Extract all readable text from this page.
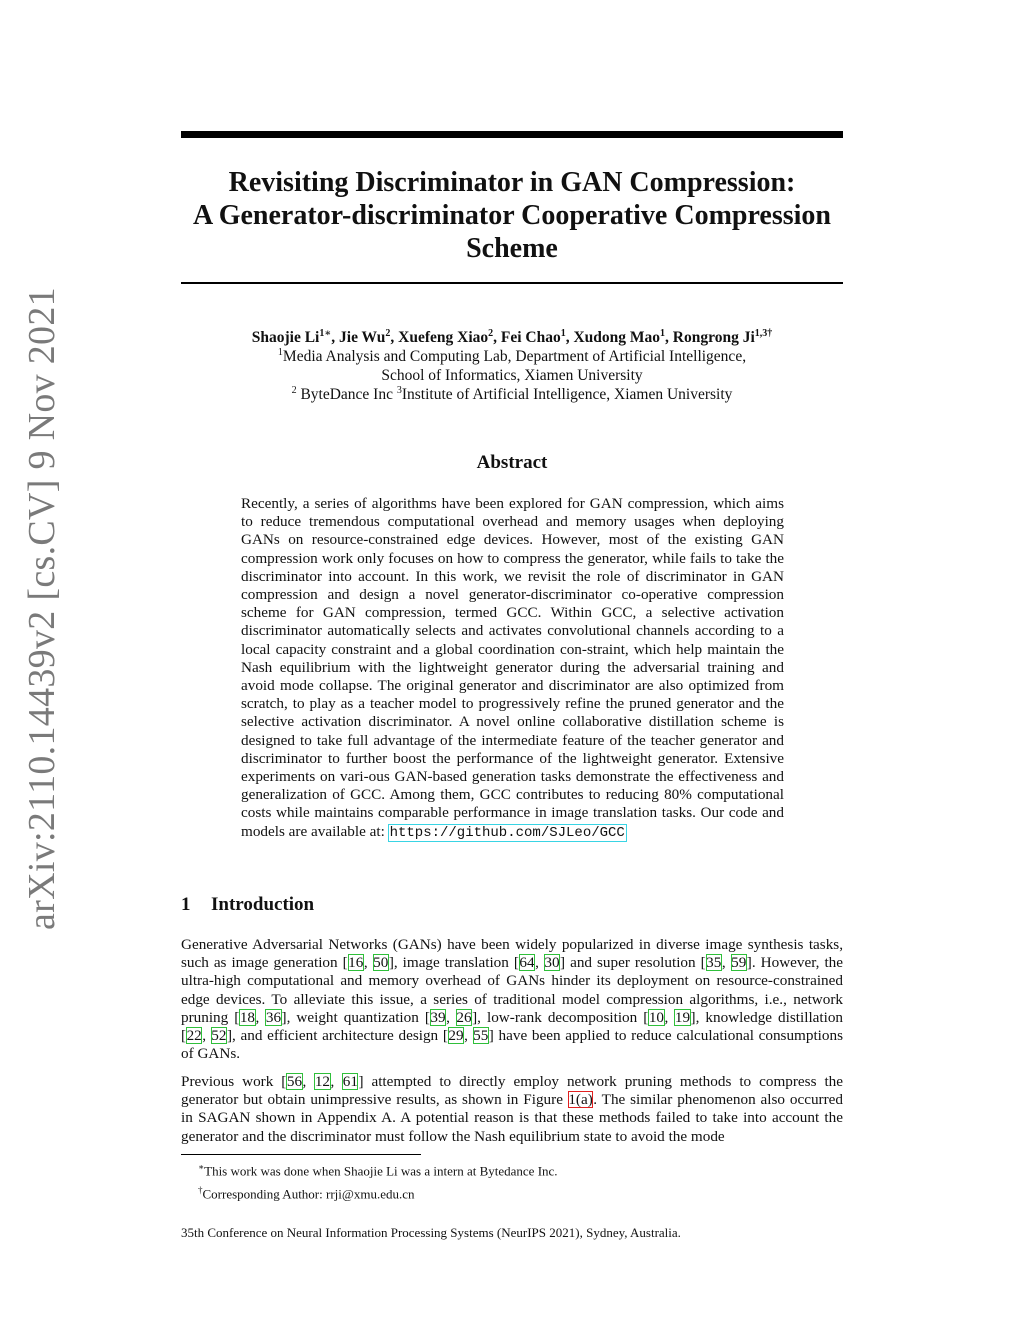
arXiv:2110.14439v2 [cs.CV] 9 Nov 2021
Revisiting Discriminator in GAN Compression:
A Generator-discriminator Cooperative Compression
Scheme
Shaojie $Li^{1∗}$, Jie Wu$^2$, Xuefeng Xiao$^2$, Fei Chao$^1$, Xudong Mao$^1$, Rongrong $Ji^{1,3\dagger}$
$^1$Media Analysis and Computing Lab, Department of Artificial Intelligence,
School of Informatics, Xiamen University
$^2$ ByteDance Inc $^3$Institute of Artificial Intelligence, Xiamen University
Abstract
Recently, a series of algorithms have been explored for GAN compression, which aims to reduce tremendous computational overhead and memory usages when deploying GANs on resource-constrained edge devices. However, most of the existing GAN compression work only focuses on how to compress the generator, while fails to take the discriminator into account. In this work, we revisit the role of discriminator in GAN compression and design a novel generator-discriminator co-operative compression scheme for GAN compression, termed GCC. Within GCC, a selective activation discriminator automatically selects and activates convolutional channels according to a local capacity constraint and a global coordination con-straint, which help maintain the Nash equilibrium with the lightweight generator during the adversarial training and avoid mode collapse. The original generator and discriminator are also optimized from scratch, to play as a teacher model to progressively refine the pruned generator and the selective activation discriminator. A novel online collaborative distillation scheme is designed to take full advantage of the intermediate feature of the teacher generator and discriminator to further boost the performance of the lightweight generator. Extensive experiments on vari-ous GAN-based generation tasks demonstrate the effectiveness and generalization of GCC. Among them, GCC contributes to reducing 80% computational costs while maintains comparable performance in image translation tasks. Our code and models are available at: https://github.com/SJLeo/GCC
1 Introduction
Generative Adversarial Networks (GANs) have been widely popularized in diverse image synthesis tasks, such as image generation [16, 50], image translation [64, 30] and super resolution [35, 59]. However, the ultra-high computational and memory overhead of GANs hinder its deployment on resource-constrained edge devices. To alleviate this issue, a series of traditional model compression algorithms, i.e., network pruning [18, 36], weight quantization [39, 26], low-rank decomposition [10, 19], knowledge distillation [22, 52], and efficient architecture design [29, 55] have been applied to reduce calculational consumptions of GANs.
Previous work [56, 12, 61] attempted to directly employ network pruning methods to compress the generator but obtain unimpressive results, as shown in Figure 1(a). The similar phenomenon also occurred in SAGAN shown in Appendix A. A potential reason is that these methods failed to take into account the generator and the discriminator must follow the Nash equilibrium state to avoid the mode
∗This work was done when Shaojie Li was a intern at Bytedance Inc.
†Corresponding Author: rrji@xmu.edu.cn
35th Conference on Neural Information Processing Systems (NeurIPS 2021), Sydney, Australia.
